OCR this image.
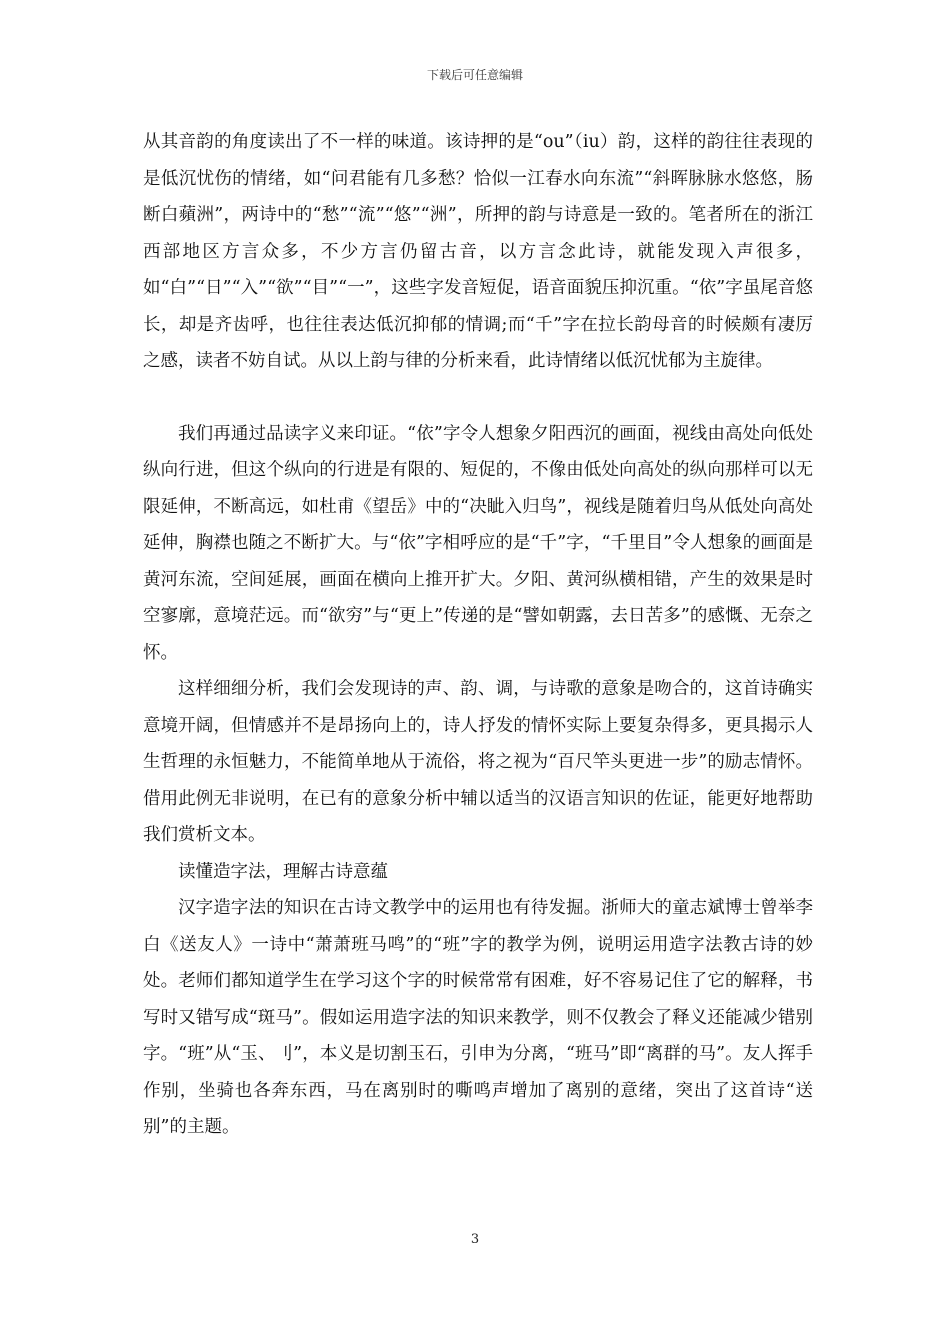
下载后可任意编辑

从其音韵的角度读出了不一样的味道。该诗押的是“ou”（iu）韵，这样的韵往往表现的是低沉忧伤的情绪，如“问君能有几多愁？恰似一江春水向东流”“斜晖脉脉水悠悠，肠断白蘋洲”，两诗中的“愁”“流”“悠”“洲”，所押的韵与诗意是一致的。笔者所在的浙江西部地区方言众多，不少方言仍留古音，以方言念此诗，就能发现入声很多，如“白”“日”“入”“欲”“目”“一”，这些字发音短促，语音面貌压抑沉重。“依”字虽尾音悠长，却是齐齿呼，也往往表达低沉抑郁的情调;而“千”字在拉长韵母音的时候颇有凄厉之感，读者不妨自试。从以上韵与律的分析来看，此诗情绪以低沉忧郁为主旋律。

我们再通过品读字义来印证。“依”字令人想象夕阳西沉的画面，视线由高处向低处纵向行进，但这个纵向的行进是有限的、短促的，不像由低处向高处的纵向那样可以无限延伸，不断高远，如杜甫《望岳》中的“决眦入归鸟”，视线是随着归鸟从低处向高处延伸，胸襟也随之不断扩大。与“依”字相呼应的是“千”字，“千里目”令人想象的画面是黄河东流，空间延展，画面在横向上推开扩大。夕阳、黄河纵横相错，产生的效果是时空寥廓，意境茫远。而“欲穷”与“更上”传递的是“譬如朝露，去日苦多”的感慨、无奈之怀。

这样细细分析，我们会发现诗的声、韵、调，与诗歌的意象是吻合的，这首诗确实意境开阔，但情感并不是昂扬向上的，诗人抒发的情怀实际上要复杂得多，更具揭示人生哲理的永恒魅力，不能简单地从于流俗，将之视为“百尺竿头更进一步”的励志情怀。借用此例无非说明，在已有的意象分析中辅以适当的汉语言知识的佐证，能更好地帮助我们赏析文本。

读懂造字法，理解古诗意蕴

汉字造字法的知识在古诗文教学中的运用也有待发掘。浙师大的童志斌博士曾举李白《送友人》一诗中“萧萧班马鸣”的“班”字的教学为例，说明运用造字法教古诗的妙处。老师们都知道学生在学习这个字的时候常常有困难，好不容易记住了它的解释，书写时又错写成“斑马”。假如运用造字法的知识来教学，则不仅教会了释义还能减少错别字。“班”从“玉、刂”，本义是切割玉石，引申为分离，“班马”即“离群的马”。友人挥手作别，坐骑也各奔东西，马在离别时的嘶鸣声增加了离别的意绪，突出了这首诗“送别”的主题。

3
